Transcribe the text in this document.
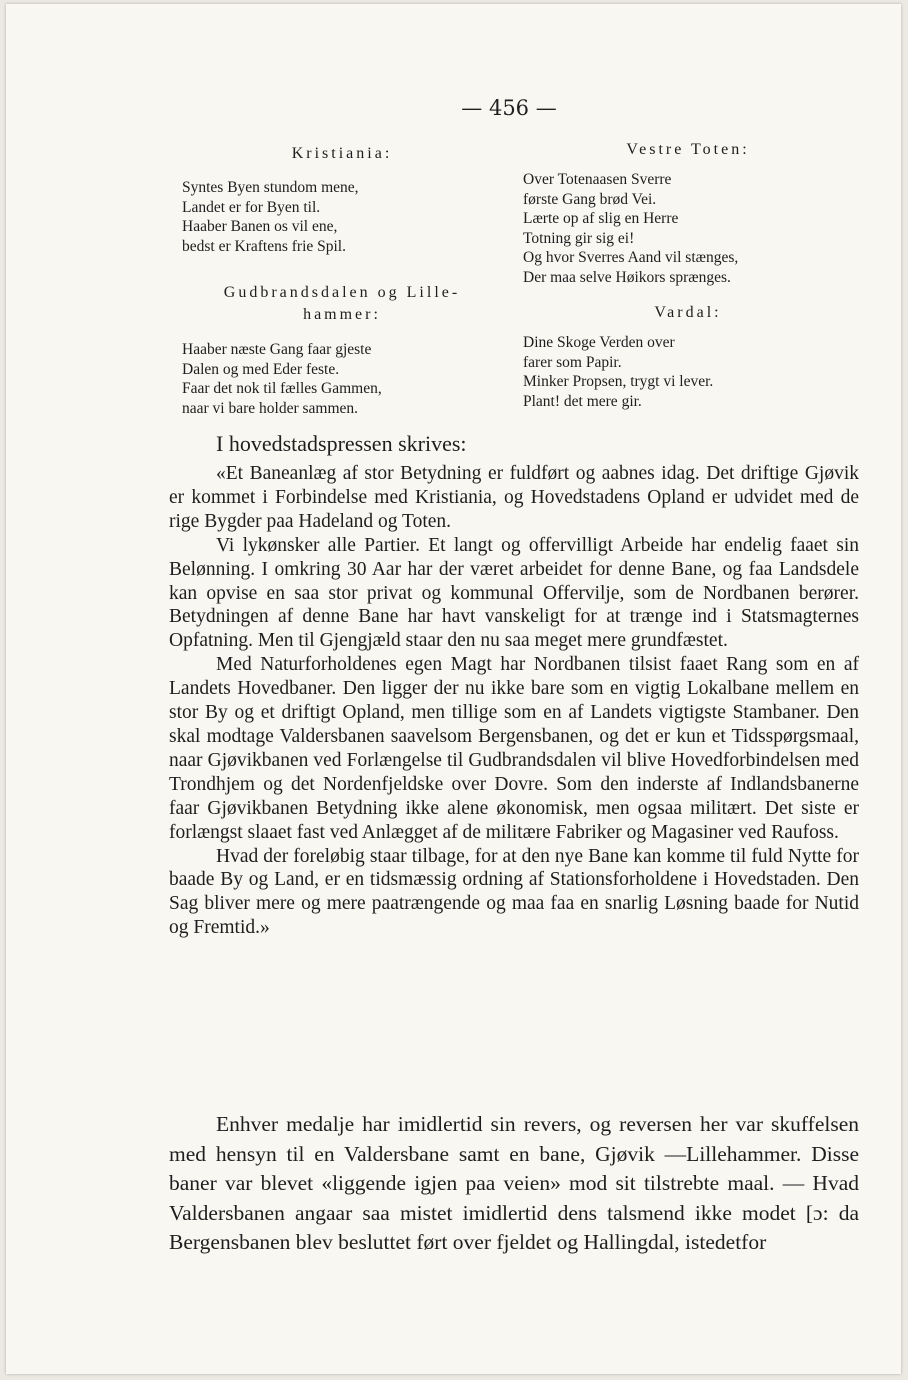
— 456 —
Kristiania:
Syntes Byen stundom mene,
Landet er for Byen til.
Haaber Banen os vil ene,
bedst er Kraftens frie Spil.
Gudbrandsdalen og Lille-hammer:
Haaber næste Gang faar gjeste
Dalen og med Eder feste.
Faar det nok til fælles Gammen,
naar vi bare holder sammen.
Vestre Toten:
Over Totenaasen Sverre
første Gang brød Vei.
Lærte op af slig en Herre
Totning gir sig ei!
Og hvor Sverres Aand vil stænges,
Der maa selve Høikors sprænges.
Vardal:
Dine Skoge Verden over
farer som Papir.
Minker Propsen, trygt vi lever.
Plant! det mere gir.
I hovedstadspressen skrives:
«Et Baneanlæg af stor Betydning er fuldført og aabnes idag. Det driftige Gjøvik er kommet i Forbindelse med Kristiania, og Hovedstadens Opland er udvidet med de rige Bygder paa Hadeland og Toten.
Vi lykønsker alle Partier. Et langt og offervilligt Arbeide har endelig faaet sin Belønning. I omkring 30 Aar har der været arbeidet for denne Bane, og faa Landsdele kan opvise en saa stor privat og kommunal Offervilje, som de Nordbanen berører. Betydningen af denne Bane har havt vanskeligt for at trænge ind i Statsmagternes Opfatning. Men til Gjengjæld staar den nu saa meget mere grundfæstet.
Med Naturforholdenes egen Magt har Nordbanen tilsist faaet Rang som en af Landets Hovedbaner. Den ligger der nu ikke bare som en vigtig Lokalbane mellem en stor By og et driftigt Opland, men tillige som en af Landets vigtigste Stambaner. Den skal modtage Valdersbanen saavelsom Bergensbanen, og det er kun et Tidsspørgsmaal, naar Gjøvikbanen ved Forlængelse til Gudbrandsdalen vil blive Hovedforbindelsen med Trondhjem og det Nordenfjeldske over Dovre. Som den inderste af Indlandsbanerne faar Gjøvikbanen Betydning ikke alene økonomisk, men ogsaa militært. Det siste er forlængst slaaet fast ved Anlægget af de militære Fabriker og Magasiner ved Raufoss.
Hvad der foreløbig staar tilbage, for at den nye Bane kan komme til fuld Nytte for baade By og Land, er en tidsmæssig ordning af Stationsforholdene i Hovedstaden. Den Sag bliver mere og mere paatrængende og maa faa en snarlig Løsning baade for Nutid og Fremtid.»
Enhver medalje har imidlertid sin revers, og reversen her var skuffelsen med hensyn til en Valdersbane samt en bane, Gjøvik —Lillehammer. Disse baner var blevet «liggende igjen paa veien» mod sit tilstrebte maal. — Hvad Valdersbanen angaar saa mistet imidlertid dens talsmend ikke modet [ɔ: da Bergensbanen blev besluttet ført over fjeldet og Hallingdal, istedetfor
